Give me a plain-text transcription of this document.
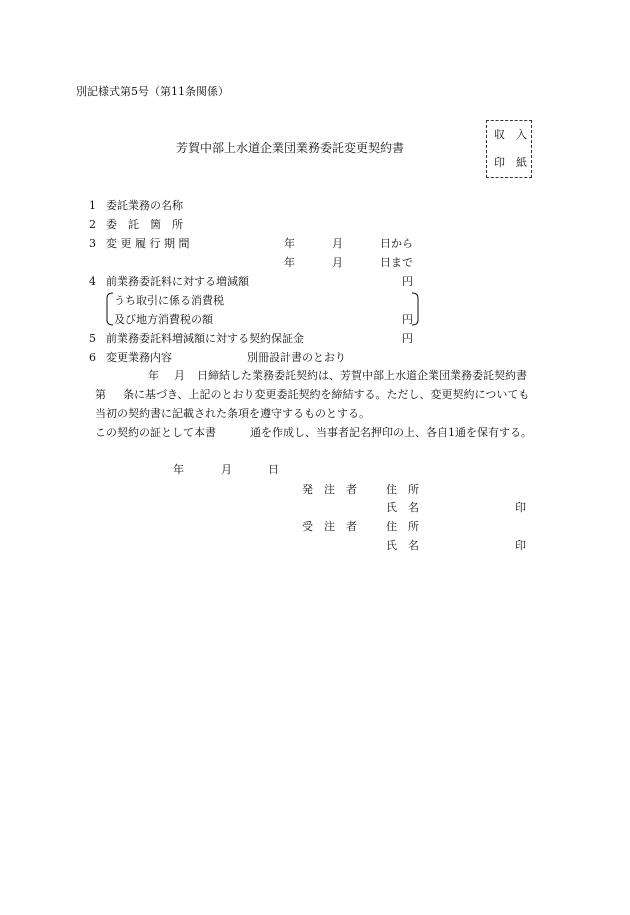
別記様式第5号（第11条関係）
芳賀中部上水道企業団業務委託変更契約書
収　入
印　紙
1 委託業務の名称
2 委　託　箇　所
3 変 更 履 行 期 間	年	月	日から
年	月	日まで
4 前業務委託料に対する増減額	円
うち取引に係る消費税
及び地方消費税の額	円
5 前業務委託料増減額に対する契約保証金	円
6 変更業務内容	別冊設計書のとおり
年 月 日締結した業務委託契約は、芳賀中部上水道企業団業務委託契約書
第 条に基づき、上記のとおり変更委託契約を締結する。ただし、変更契約についても
当初の契約書に記載された条項を遵守するものとする。
この契約の証として本書	通を作成し、当事者記名押印の上、各自1通を保有する。
年	月	日
発　注　者	住　所
氏　名	印
受　注　者	住　所
氏　名	印
